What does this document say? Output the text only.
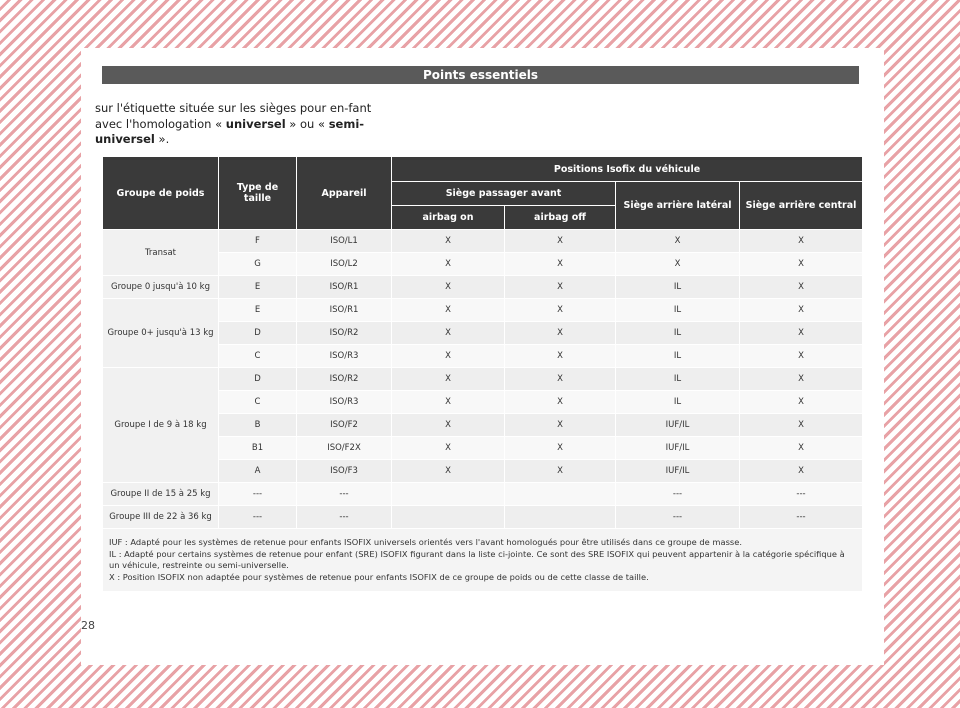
Points essentiels
sur l'étiquette située sur les sièges pour en-fant avec l'homologation « universel » ou « semi-universel ».
Groupe de poids	Type de taille	Appareil	Positions Isofix du véhicule			
			Siège passager avant		Siège arrière latéral	Siège arrière central
			airbag on	airbag off		
Transat	F	ISO/L1	X	X	X	X
	G	ISO/L2	X	X	X	X
Groupe 0 jusqu'à 10 kg	E	ISO/R1	X	X	IL	X
Groupe 0+ jusqu'à 13 kg	E	ISO/R1	X	X	IL	X
	D	ISO/R2	X	X	IL	X
	C	ISO/R3	X	X	IL	X
Groupe I de 9 à 18 kg	D	ISO/R2	X	X	IL	X
	C	ISO/R3	X	X	IL	X
	B	ISO/F2	X	X	IUF/IL	X
	B1	ISO/F2X	X	X	IUF/IL	X
	A	ISO/F3	X	X	IUF/IL	X
Groupe II de 15 à 25 kg	---	---			---	---
Groupe III de 22 à 36 kg	---	---			---	---

IUF : Adapté pour les systèmes de retenue pour enfants ISOFIX universels orientés vers l'avant homologués pour être utilisés dans ce groupe de masse.
IL : Adapté pour certains systèmes de retenue pour enfant (SRE) ISOFIX figurant dans la liste ci-jointe. Ce sont des SRE ISOFIX qui peuvent appartenir à la catégorie spécifique à un véhicule, restreinte ou semi-universelle.
X : Position ISOFIX non adaptée pour systèmes de retenue pour enfants ISOFIX de ce groupe de poids ou de cette classe de taille.						
28
